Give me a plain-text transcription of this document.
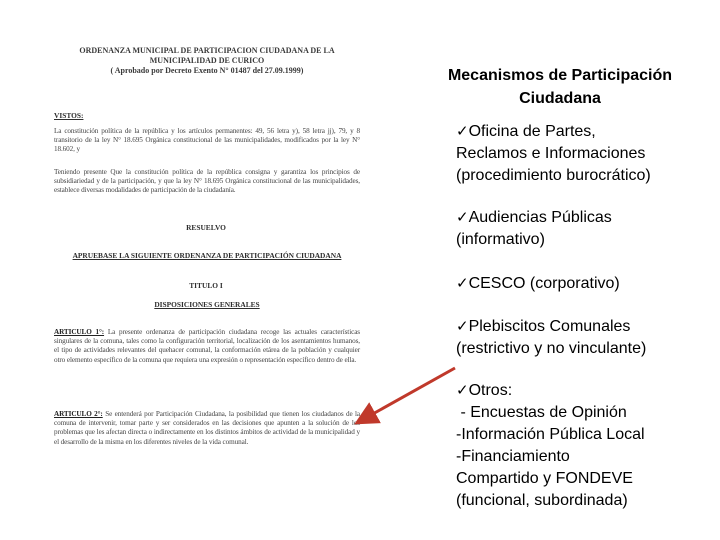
ORDENANZA MUNICIPAL DE PARTICIPACION CIUDADANA DE LA
MUNICIPALIDAD DE CURICO
( Aprobado por Decreto Exento N° 01487 del 27.09.1999)
VISTOS:
La constitución política de la república y los artículos permanentes: 49, 56 letra y), 58 letra jj), 79, y 8 transitorio de la ley N° 18.695 Orgánica constitucional de las municipalidades, modificados por la ley N° 18.602, y
Teniendo presente Que la constitución política de la república consigna y garantiza los principios de subsidiariedad y de la participación, y que la ley N° 18.695 Orgánica constitucional de las municipalidades, establece diversas modalidades de participación de la ciudadanía.
RESUELVO
APRUEBASE LA SIGUIENTE ORDENANZA DE PARTICIPACIÓN CIUDADANA
TITULO I
DISPOSICIONES GENERALES
ARTICULO 1°: La presente ordenanza de participación ciudadana recoge las actuales características singulares de la comuna, tales como la configuración territorial, localización de los asentamientos humanos, el tipo de actividades relevantes del quehacer comunal, la conformación etárea de la población y cualquier otro elemento específico de la comuna que requiera una expresión o representación específico dentro de ella.
ARTICULO 2°: Se entenderá por Participación Ciudadana, la posibilidad que tienen los ciudadanos de la comuna de intervenir, tomar parte y ser considerados en las decisiones que apunten a la solución de los problemas que les afectan directa o indirectamente en los distintos ámbitos de actividad de la municipalidad y el desarrollo de la misma en los diferentes niveles de la vida comunal.
Mecanismos de Participación
Ciudadana
✓Oficina de Partes,
Reclamos e Informaciones
(procedimiento burocrático)
✓Audiencias Públicas
(informativo)
✓CESCO (corporativo)
✓Plebiscitos Comunales
(restrictivo y no vinculante)
✓Otros:
- Encuestas de Opinión
-Información Pública Local
-Financiamiento
Compartido y FONDEVE
(funcional, subordinada)
